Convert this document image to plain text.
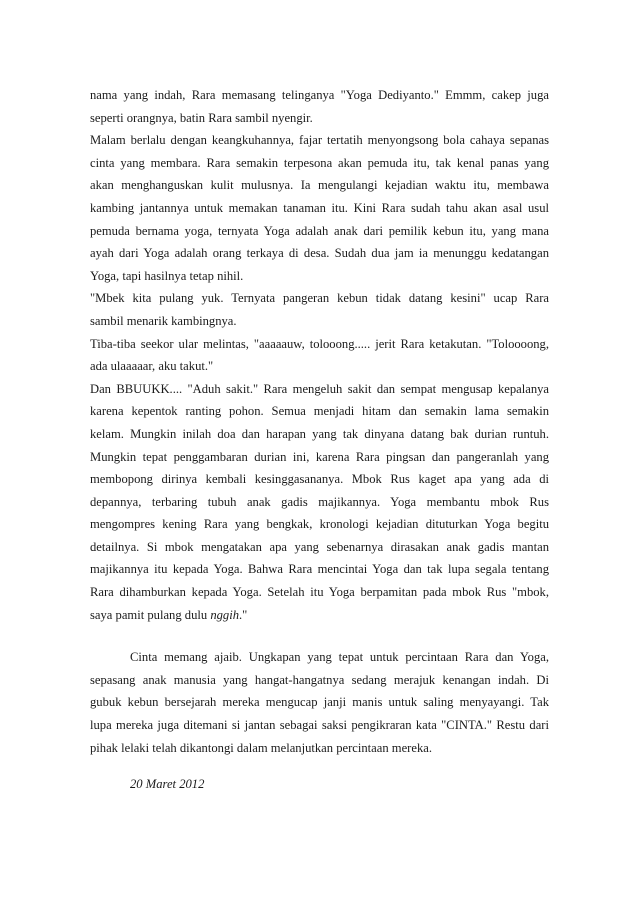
nama yang indah, Rara memasang telinganya "Yoga Dediyanto." Emmm, cakep juga
seperti orangnya, batin Rara sambil nyengir.
Malam berlalu dengan keangkuhannya, fajar tertatih menyongsong bola cahaya sepanas
cinta yang membara. Rara semakin terpesona akan pemuda itu, tak kenal panas yang
akan menghanguskan kulit mulusnya. Ia mengulangi kejadian waktu itu, membawa
kambing jantannya untuk memakan tanaman itu. Kini Rara sudah tahu akan asal usul
pemuda bernama yoga, ternyata Yoga adalah anak dari pemilik kebun itu, yang mana
ayah dari Yoga adalah orang terkaya di desa. Sudah dua jam ia menunggu kedatangan
Yoga, tapi hasilnya tetap nihil.
"Mbek kita pulang yuk. Ternyata pangeran kebun tidak datang kesini" ucap Rara
sambil menarik kambingnya.
Tiba-tiba seekor ular melintas, "aaaaauw, tolooong..... jerit Rara ketakutan. "Toloooong,
ada ulaaaaar, aku takut."
Dan BBUUKK.... "Aduh sakit." Rara mengeluh sakit dan sempat mengusap kepalanya
karena kepentok ranting pohon. Semua menjadi hitam dan semakin lama semakin
kelam. Mungkin inilah doa dan harapan yang tak dinyana datang bak durian runtuh.
Mungkin tepat penggambaran durian ini, karena Rara pingsan dan pangeranlah yang
membopong dirinya kembali kesinggasananya. Mbok Rus kaget apa yang ada di
depannya, terbaring tubuh anak gadis majikannya. Yoga membantu mbok Rus
mengompres kening Rara yang bengkak, kronologi kejadian dituturkan Yoga begitu
detailnya. Si mbok mengatakan apa yang sebenarnya dirasakan anak gadis mantan
majikannya itu kepada Yoga. Bahwa Rara mencintai Yoga dan tak lupa segala tentang
Rara dihamburkan kepada Yoga. Setelah itu Yoga berpamitan pada mbok Rus "mbok,
saya pamit pulang dulu nggih."
Cinta memang ajaib. Ungkapan yang tepat untuk percintaan Rara dan Yoga,
sepasang anak manusia yang hangat-hangatnya sedang merajuk kenangan indah. Di
gubuk kebun bersejarah mereka mengucap janji manis untuk saling menyayangi. Tak
lupa mereka juga ditemani si jantan sebagai saksi pengikraran kata "CINTA." Restu dari
pihak lelaki telah dikantongi dalam melanjutkan percintaan mereka.
20 Maret 2012
